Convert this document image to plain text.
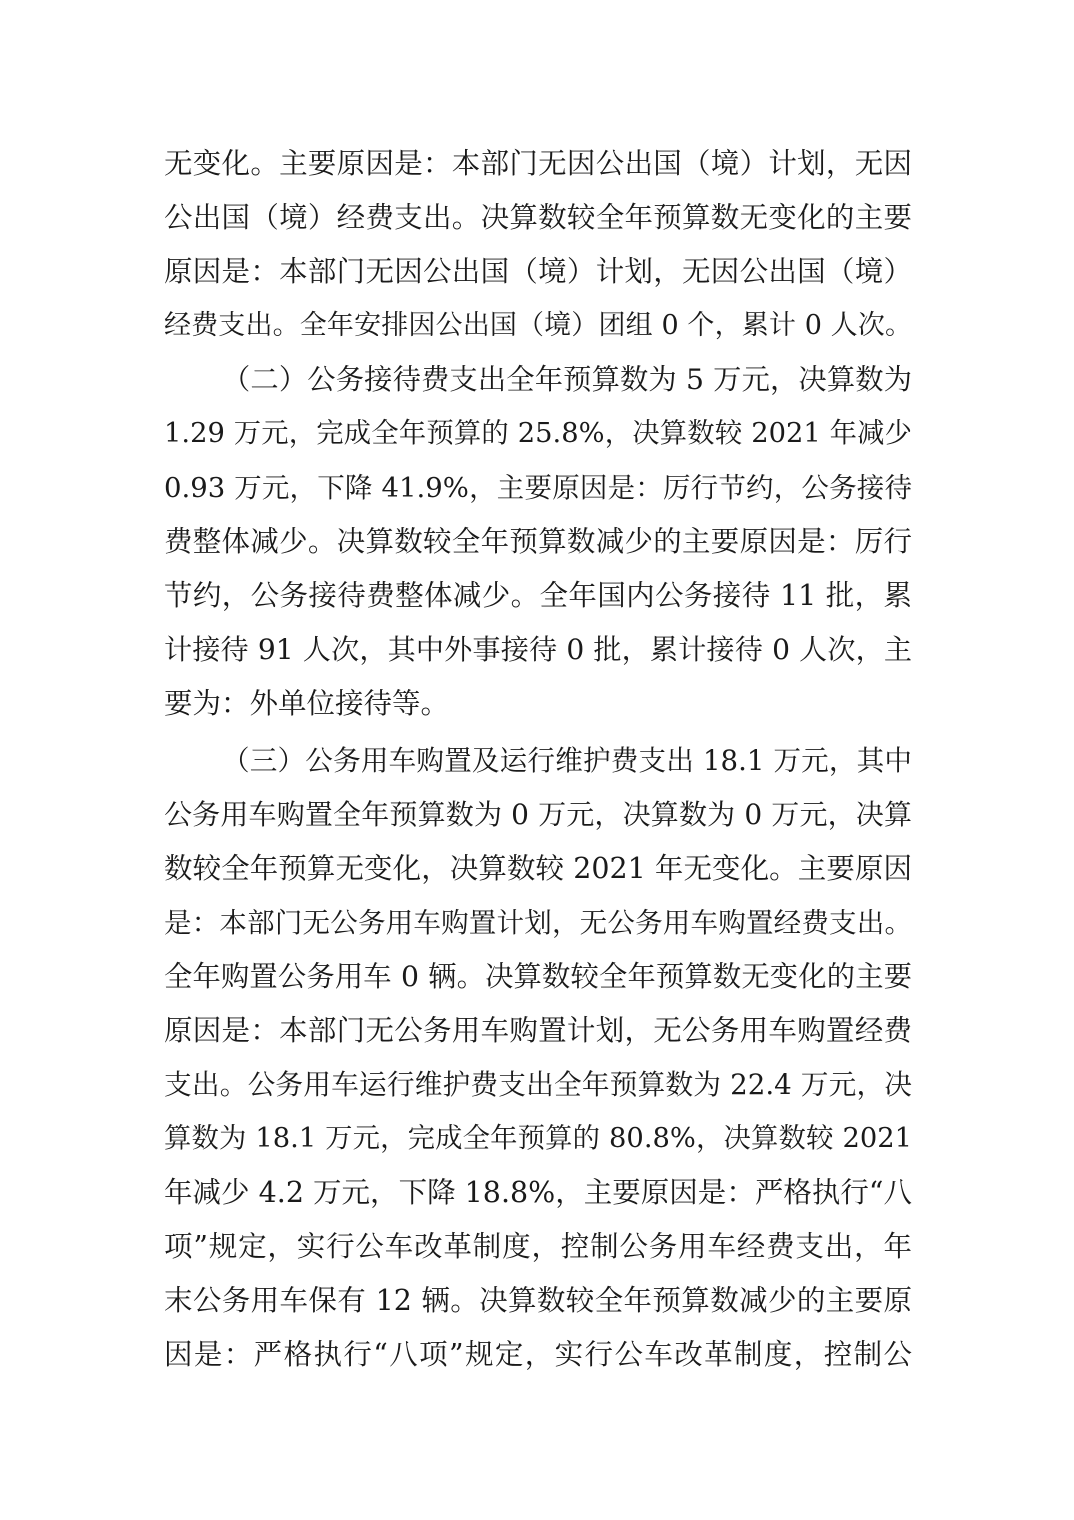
无变化。主要原因是：本部门无因公出国（境）计划，无因
公出国（境）经费支出。决算数较全年预算数无变化的主要
原因是：本部门无因公出国（境）计划，无因公出国（境）
经费支出。全年安排因公出国（境）团组 0 个，累计 0 人次。
（二）公务接待费支出全年预算数为 5 万元，决算数为
1.29 万元，完成全年预算的 25.8%，决算数较 2021 年减少
0.93 万元，下降 41.9%，主要原因是：厉行节约，公务接待
费整体减少。决算数较全年预算数减少的主要原因是：厉行
节约，公务接待费整体减少。全年国内公务接待 11 批，累
计接待 91 人次，其中外事接待 0 批，累计接待 0 人次，主
要为：外单位接待等。
（三）公务用车购置及运行维护费支出 18.1 万元，其中
公务用车购置全年预算数为 0 万元，决算数为 0 万元，决算
数较全年预算无变化，决算数较 2021 年无变化。主要原因
是：本部门无公务用车购置计划，无公务用车购置经费支出。
全年购置公务用车 0 辆。决算数较全年预算数无变化的主要
原因是：本部门无公务用车购置计划，无公务用车购置经费
支出。公务用车运行维护费支出全年预算数为 22.4 万元，决
算数为 18.1 万元，完成全年预算的 80.8%，决算数较 2021
年减少 4.2 万元，下降 18.8%，主要原因是：严格执行“八
项”规定，实行公车改革制度，控制公务用车经费支出，年
末公务用车保有 12 辆。决算数较全年预算数减少的主要原
因是：严格执行“八项”规定，实行公车改革制度，控制公
